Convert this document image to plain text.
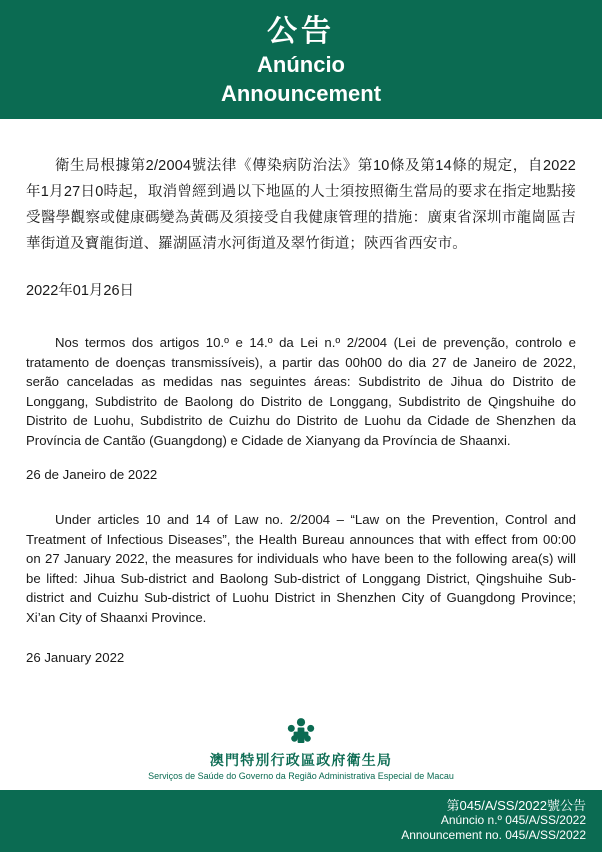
公告
Anúncio
Announcement

衛生局根據第2/2004號法律《傳染病防治法》第10條及第14條的規定，自2022年1月27日0時起，取消曾經到過以下地區的人士須按照衛生當局的要求在指定地點接受醫學觀察或健康碼變為黃碼及須接受自我健康管理的措施：廣東省深圳市龍崗區吉華街道及寶龍街道、羅湖區清水河街道及翠竹街道；陝西省西安市。

2022年01月26日

Nos termos dos artigos 10.º e 14.º da Lei n.º 2/2004 (Lei de prevenção, controlo e tratamento de doenças transmissíveis), a partir das 00h00 do dia 27 de Janeiro de 2022, serão canceladas as medidas nas seguintes áreas: Subdistrito de Jihua do Distrito de Longgang, Subdistrito de Baolong do Distrito de Longgang, Subdistrito de Qingshuihe do Distrito de Luohu, Subdistrito de Cuizhu do Distrito de Luohu da Cidade de Shenzhen da Província de Cantão (Guangdong) e Cidade de Xianyang da Província de Shaanxi.

26 de Janeiro de 2022

Under articles 10 and 14 of Law no. 2/2004 – “Law on the Prevention, Control and Treatment of Infectious Diseases”, the Health Bureau announces that with effect from 00:00 on 27 January 2022, the measures for individuals who have been to the following area(s) will be lifted: Jihua Sub-district and Baolong Sub-district of Longgang District, Qingshuihe Sub-district and Cuizhu Sub-district of Luohu District in Shenzhen City of Guangdong Province; Xi’an City of Shaanxi Province.

26 January 2022

澳門特別行政區政府衛生局
Serviços de Saúde do Governo da Região Administrativa Especial de Macau
第045/A/SS/2022號公告
Anúncio n.º 045/A/SS/2022
Announcement no. 045/A/SS/2022
